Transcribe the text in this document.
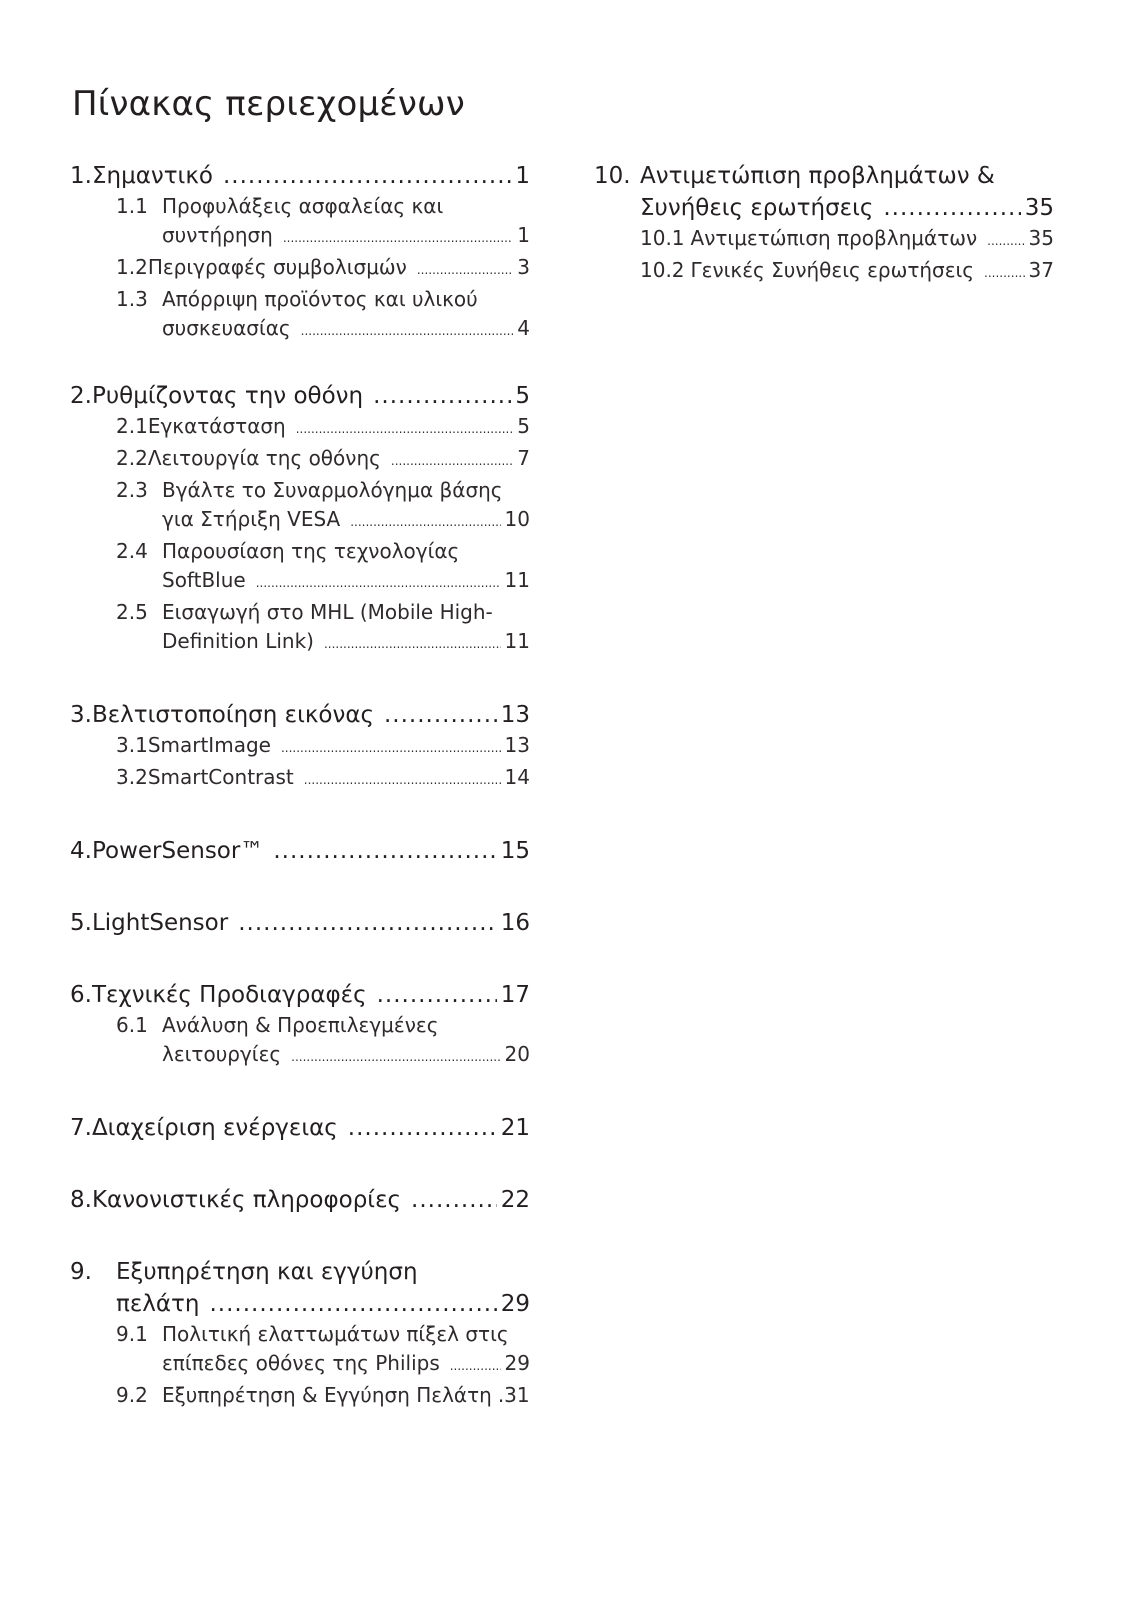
Πίνακας περιεχομένων
1. Σημαντικό .....	1
1.1 Προφυλάξεις ασφαλείας και
συντήρηση .....	1
1.2 Περιγραφές συμβολισμών .....	3
1.3 Απόρριψη προϊόντος και υλικού
συσκευασίας .....	4
2. Ρυθμίζοντας την οθόνη .....	5
2.1 Εγκατάσταση .....	5
2.2 Λειτουργία της οθόνης .....	7
2.3 Βγάλτε το Συναρμολόγημα βάσης
για Στήριξη VESA .....	10
2.4 Παρουσίαση της τεχνολογίας
SoftBlue .....	11
2.5 Εισαγωγή στο MHL (Mobile High-
Definition Link) .....	11
3. Βελτιστοποίηση εικόνας .....	13
3.1 SmartImage .....	13
3.2 SmartContrast .....	14
4. PowerSensor™ .....	15
5. LightSensor .....	16
6. Τεχνικές Προδιαγραφές .....	17
6.1 Ανάλυση & Προεπιλεγμένες
λειτουργίες .....	20
7. Διαχείριση ενέργειας .....	21
8. Κανονιστικές πληροφορίες .....	22
9. Εξυπηρέτηση και εγγύηση
πελάτη .....	29
9.1 Πολιτική ελαττωμάτων πίξελ στις
επίπεδες οθόνες της Philips .....	29
9.2 Εξυπηρέτηση & Εγγύηση Πελάτη .31
10. Αντιμετώπιση προβλημάτων &
Συνήθεις ερωτήσεις .....	35
10.1 Αντιμετώπιση προβλημάτων .....	35
10.2 Γενικές Συνήθεις ερωτήσεις .....	37
